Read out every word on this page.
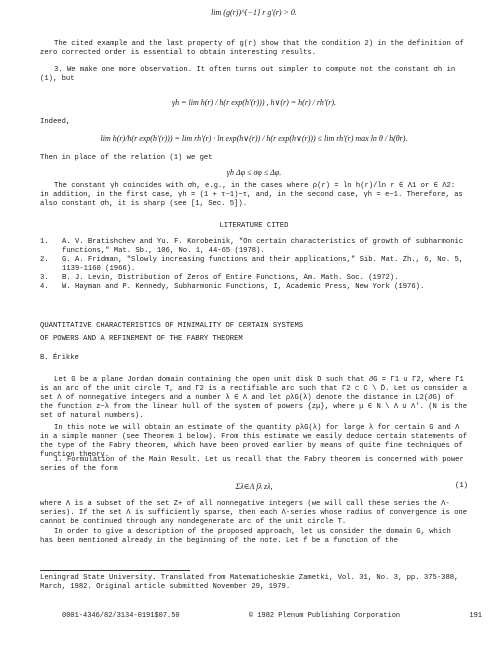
lim (g(r))^{−1} r g′(r) > 0.

The cited example and the last property of g(r) show that the condition 2) in the definition of zero corrected order is essential to obtain interesting results.

3. We make one more observation. It often turns out simpler to compute not the constant σh in (1), but

γh = lim h(r) / h(r exp(h′(r))) , h∨(r) = h(r) / rh′(r).

Indeed,

lim h(r)/h(r exp(h′(r))) = lim rh′(r) · ln exp(h∨(r)) / h(r exp(h∨(r))) ≤ lim rh′(r) max ln θ / h(θr).

Then in place of the relation (1) we get

γh Δφ ≤ σφ ≤ Δφ.

The constant γh coincides with σh, e.g., in the cases where ρ(r) = ln h(r)/ln r ∈ Λ1 or ∈ Λ2: in addition, in the first case, γh = (1 + τ−1)−τ, and, in the second case, γh = e−1. Therefore, as also constant σh, it is sharp (see [1, Sec. 5]).

LITERATURE CITED
1.	A. V. Bratishchev and Yu. F. Korobeinik, "On certain characteristics of growth of subharmonic functions," Mat. Sb., 106, No. 1, 44-65 (1978).
2.	G. A. Fridman, "Slowly increasing functions and their applications," Sib. Mat. Zh., 6, No. 5, 1139-1160 (1966).
3.	B. J. Levin, Distribution of Zeros of Entire Functions, Am. Math. Soc. (1972).
4.	W. Hayman and P. Kennedy, Subharmonic Functions, I, Academic Press, New York (1976).
QUANTITATIVE CHARACTERISTICS OF MINIMALITY OF CERTAIN SYSTEMS
OF POWERS AND A REFINEMENT OF THE FABRY THEOREM
B. Érikke

Let G be a plane Jordan domain containing the open unit disk D such that ∂G = Γ1 ∪ Γ2, where Γ1 is an arc of the unit circle T, and Γ2 is a rectifiable arc such that Γ2 ⊂ C \ D̄. Let us consider a set Λ of nonnegative integers and a number λ ∈ Λ and let ρλG(λ) denote the distance in L2(∂G) of the function z−λ from the linear hull of the system of powers {zμ}, where μ ∈ N \ Λ ∪ Λ′. (N is the set of natural numbers).

In this note we will obtain an estimate of the quantity ρλG(λ) for large λ for certain G and Λ in a simple manner (see Theorem 1 below). From this estimate we easily deduce certain statements of the type of the Fabry theorem, which have been proved earlier by means of quite fine techniques of function theory.

1. Formulation of the Main Result. Let us recall that the Fabry theorem is concerned with power series of the form

Σλ∈Λ fλ zλ,	(1)

where Λ is a subset of the set Z+ of all nonnegative integers (we will call these series the Λ-series). If the set Λ is sufficiently sparse, then each Λ-series whose radius of convergence is one cannot be continued through any nondegenerate arc of the unit circle T.

In order to give a description of the proposed approach, let us consider the domain G, which has been mentioned already in the beginning of the note. Let f be a function of the

Leningrad State University. Translated from Matematicheskie Zametki, Vol. 31, No. 3, pp. 375-388, March, 1982. Original article submitted November 29, 1979.

0001-4346/82/3134-0191$07.50	© 1982 Plenum Publishing Corporation	191
